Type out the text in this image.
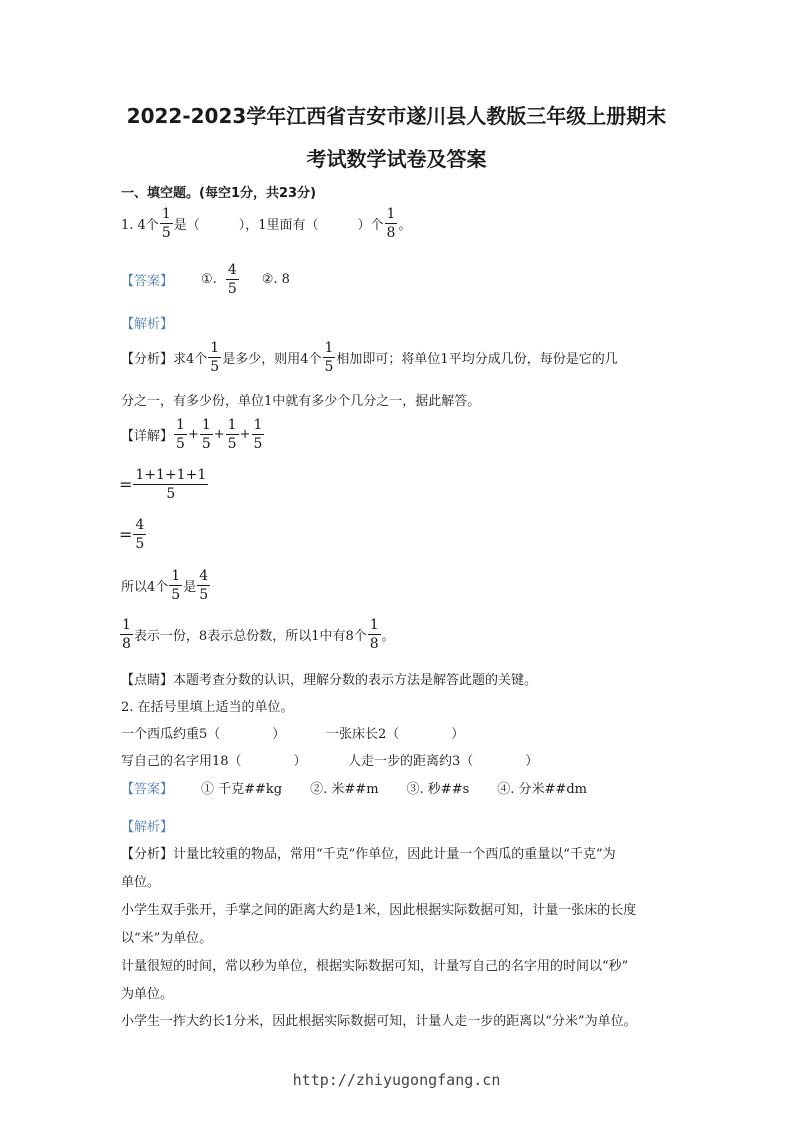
2022-2023学年江西省吉安市遂川县人教版三年级上册期末
考试数学试卷及答案
一、填空题。(每空1分，共23分)
1. 4个 $\frac{1}{5}$ 是（　　　），1里面有（　　　）个 $\frac{1}{8}$ 。
【答案】 ①. $\frac{4}{5}$ ②. 8
【解析】
【分析】 求4个 $\frac{1}{5}$ 是多少，则用4个 $\frac{1}{5}$ 相加即可；将单位1平均分成几份，每份是它的几
分之一，有多少份，单位1中就有多少个几分之一，据此解答。
【详解】 $\frac{1}{5} + \frac{1}{5} + \frac{1}{5} + \frac{1}{5}$
= $\frac{1+1+1+1}{5}$
= $\frac{4}{5}$
所以4个 $\frac{1}{5}$ 是 $\frac{4}{5}$
$\frac{1}{8}$ 表示一份，8表示总份数，所以1中有8个 $\frac{1}{8}$ 。
【点睛】本题考查分数的认识，理解分数的表示方法是解答此题的关键。
2. 在括号里填上适当的单位。
一个西瓜约重5（　　　　）	一张床长2（　　　　）
写自己的名字用18（　　　　）	人走一步的距离约3（　　　　）
【答案】 ① 千克##kg ②. 米##m ③. 秒##s ④. 分米##dm
【解析】
【分析】计量比较重的物品，常用“千克”作单位，因此计量一个西瓜的重量以“千克”为
单位。
小学生双手张开，手掌之间的距离大约是1米，因此根据实际数据可知，计量一张床的长度
以“米”为单位。
计量很短的时间，常以秒为单位，根据实际数据可知，计量写自己的名字用的时间以“秒”
为单位。
小学生一拃大约长1分米，因此根据实际数据可知，计量人走一步的距离以“分米”为单位。
http://zhiyugongfang.cn
